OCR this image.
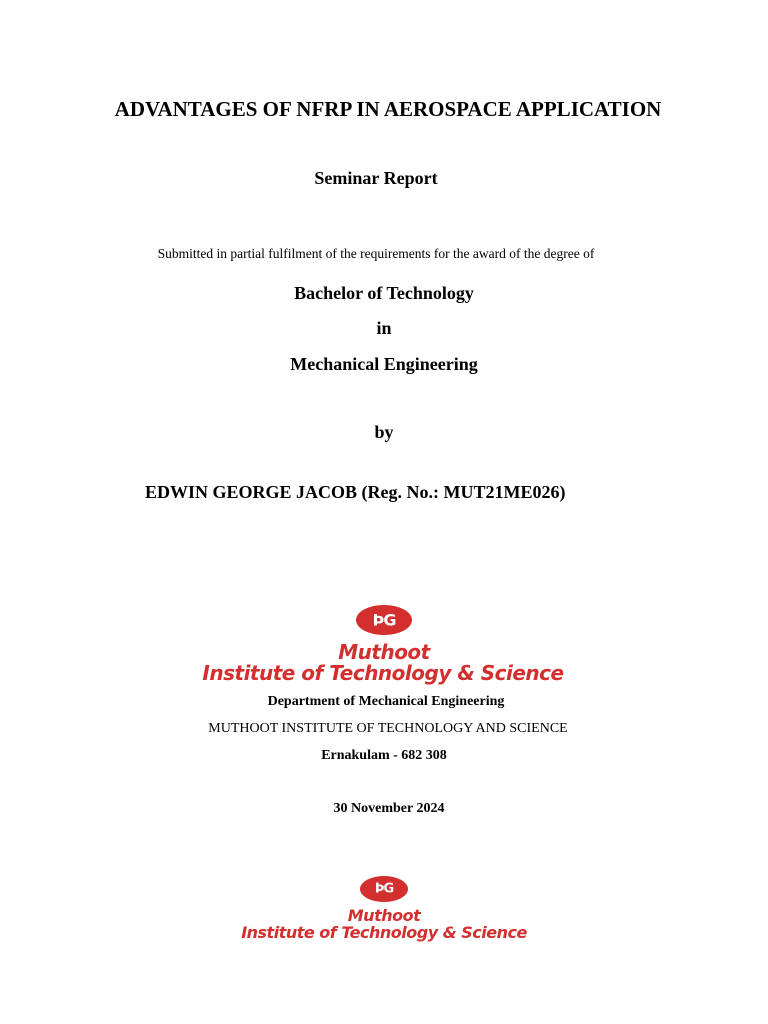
ADVANTAGES OF NFRP IN AEROSPACE APPLICATION
Seminar Report
Submitted in partial fulfilment of the requirements for the award of the degree of
Bachelor of Technology
in
Mechanical Engineering
by
EDWIN GEORGE JACOB (Reg. No.: MUT21ME026)
ÞG
Muthoot
Institute of Technology & Science
Department of Mechanical Engineering
MUTHOOT INSTITUTE OF TECHNOLOGY AND SCIENCE
Ernakulam - 682 308
30 November 2024
ÞG
Muthoot
Institute of Technology & Science
